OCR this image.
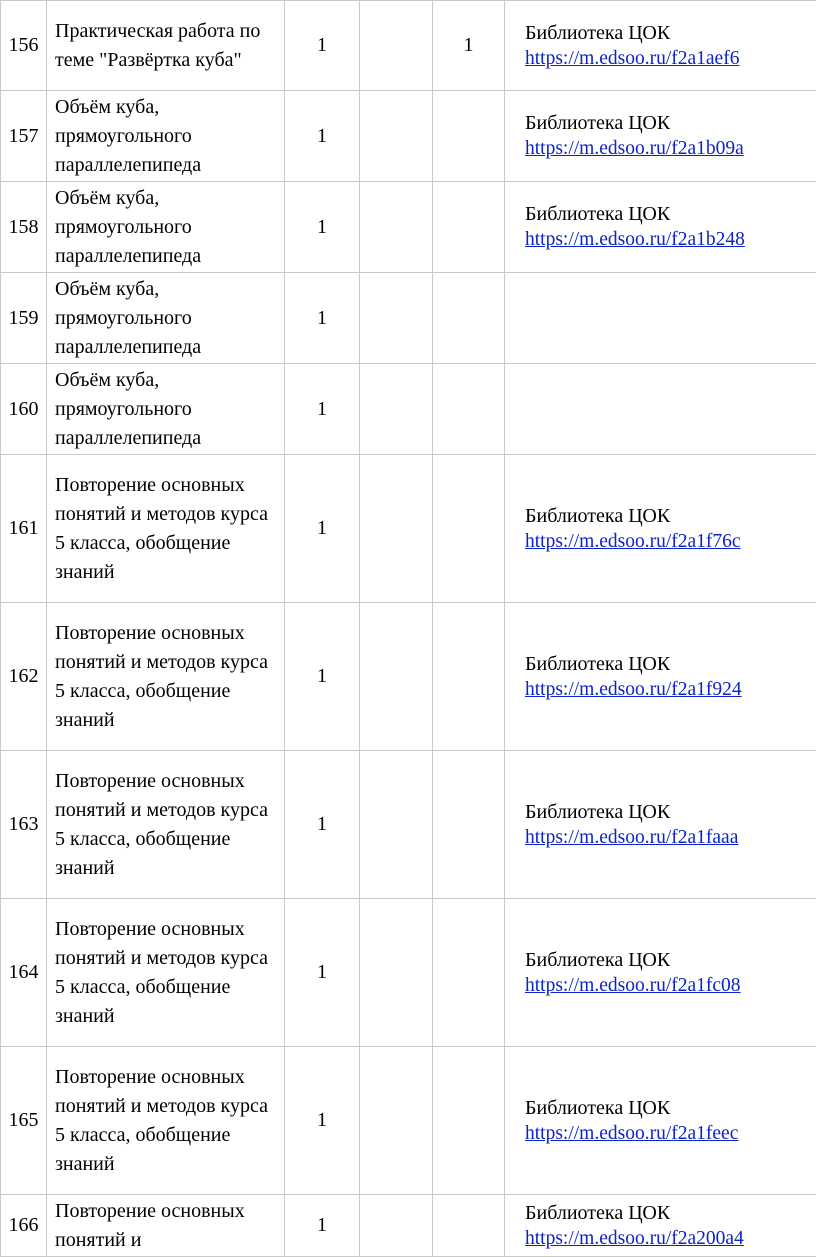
156	Практическая работа по теме "Развёртка куба"	1		1	Библиотека ЦОК
https://m.edsoo.ru/f2a1aef6

157	Объём куба, прямоугольного параллелепипеда	1			Библиотека ЦОК
https://m.edsoo.ru/f2a1b09a

158	Объём куба, прямоугольного параллелепипеда	1			Библиотека ЦОК
https://m.edsoo.ru/f2a1b248

159	Объём куба, прямоугольного параллелепипеда	1			

160	Объём куба, прямоугольного параллелепипеда	1			

161	Повторение основных понятий и методов курса 5 класса, обобщение знаний	1			Библиотека ЦОК
https://m.edsoo.ru/f2a1f76c

162	Повторение основных понятий и методов курса 5 класса, обобщение знаний	1			Библиотека ЦОК
https://m.edsoo.ru/f2a1f924

163	Повторение основных понятий и методов курса 5 класса, обобщение знаний	1			Библиотека ЦОК
https://m.edsoo.ru/f2a1faaa

164	Повторение основных понятий и методов курса 5 класса, обобщение знаний	1			Библиотека ЦОК
https://m.edsoo.ru/f2a1fc08

165	Повторение основных понятий и методов курса 5 класса, обобщение знаний	1			Библиотека ЦОК
https://m.edsoo.ru/f2a1feec

166	Повторение основных понятий и	1			Библиотека ЦОК
https://m.edsoo.ru/f2a200a4
